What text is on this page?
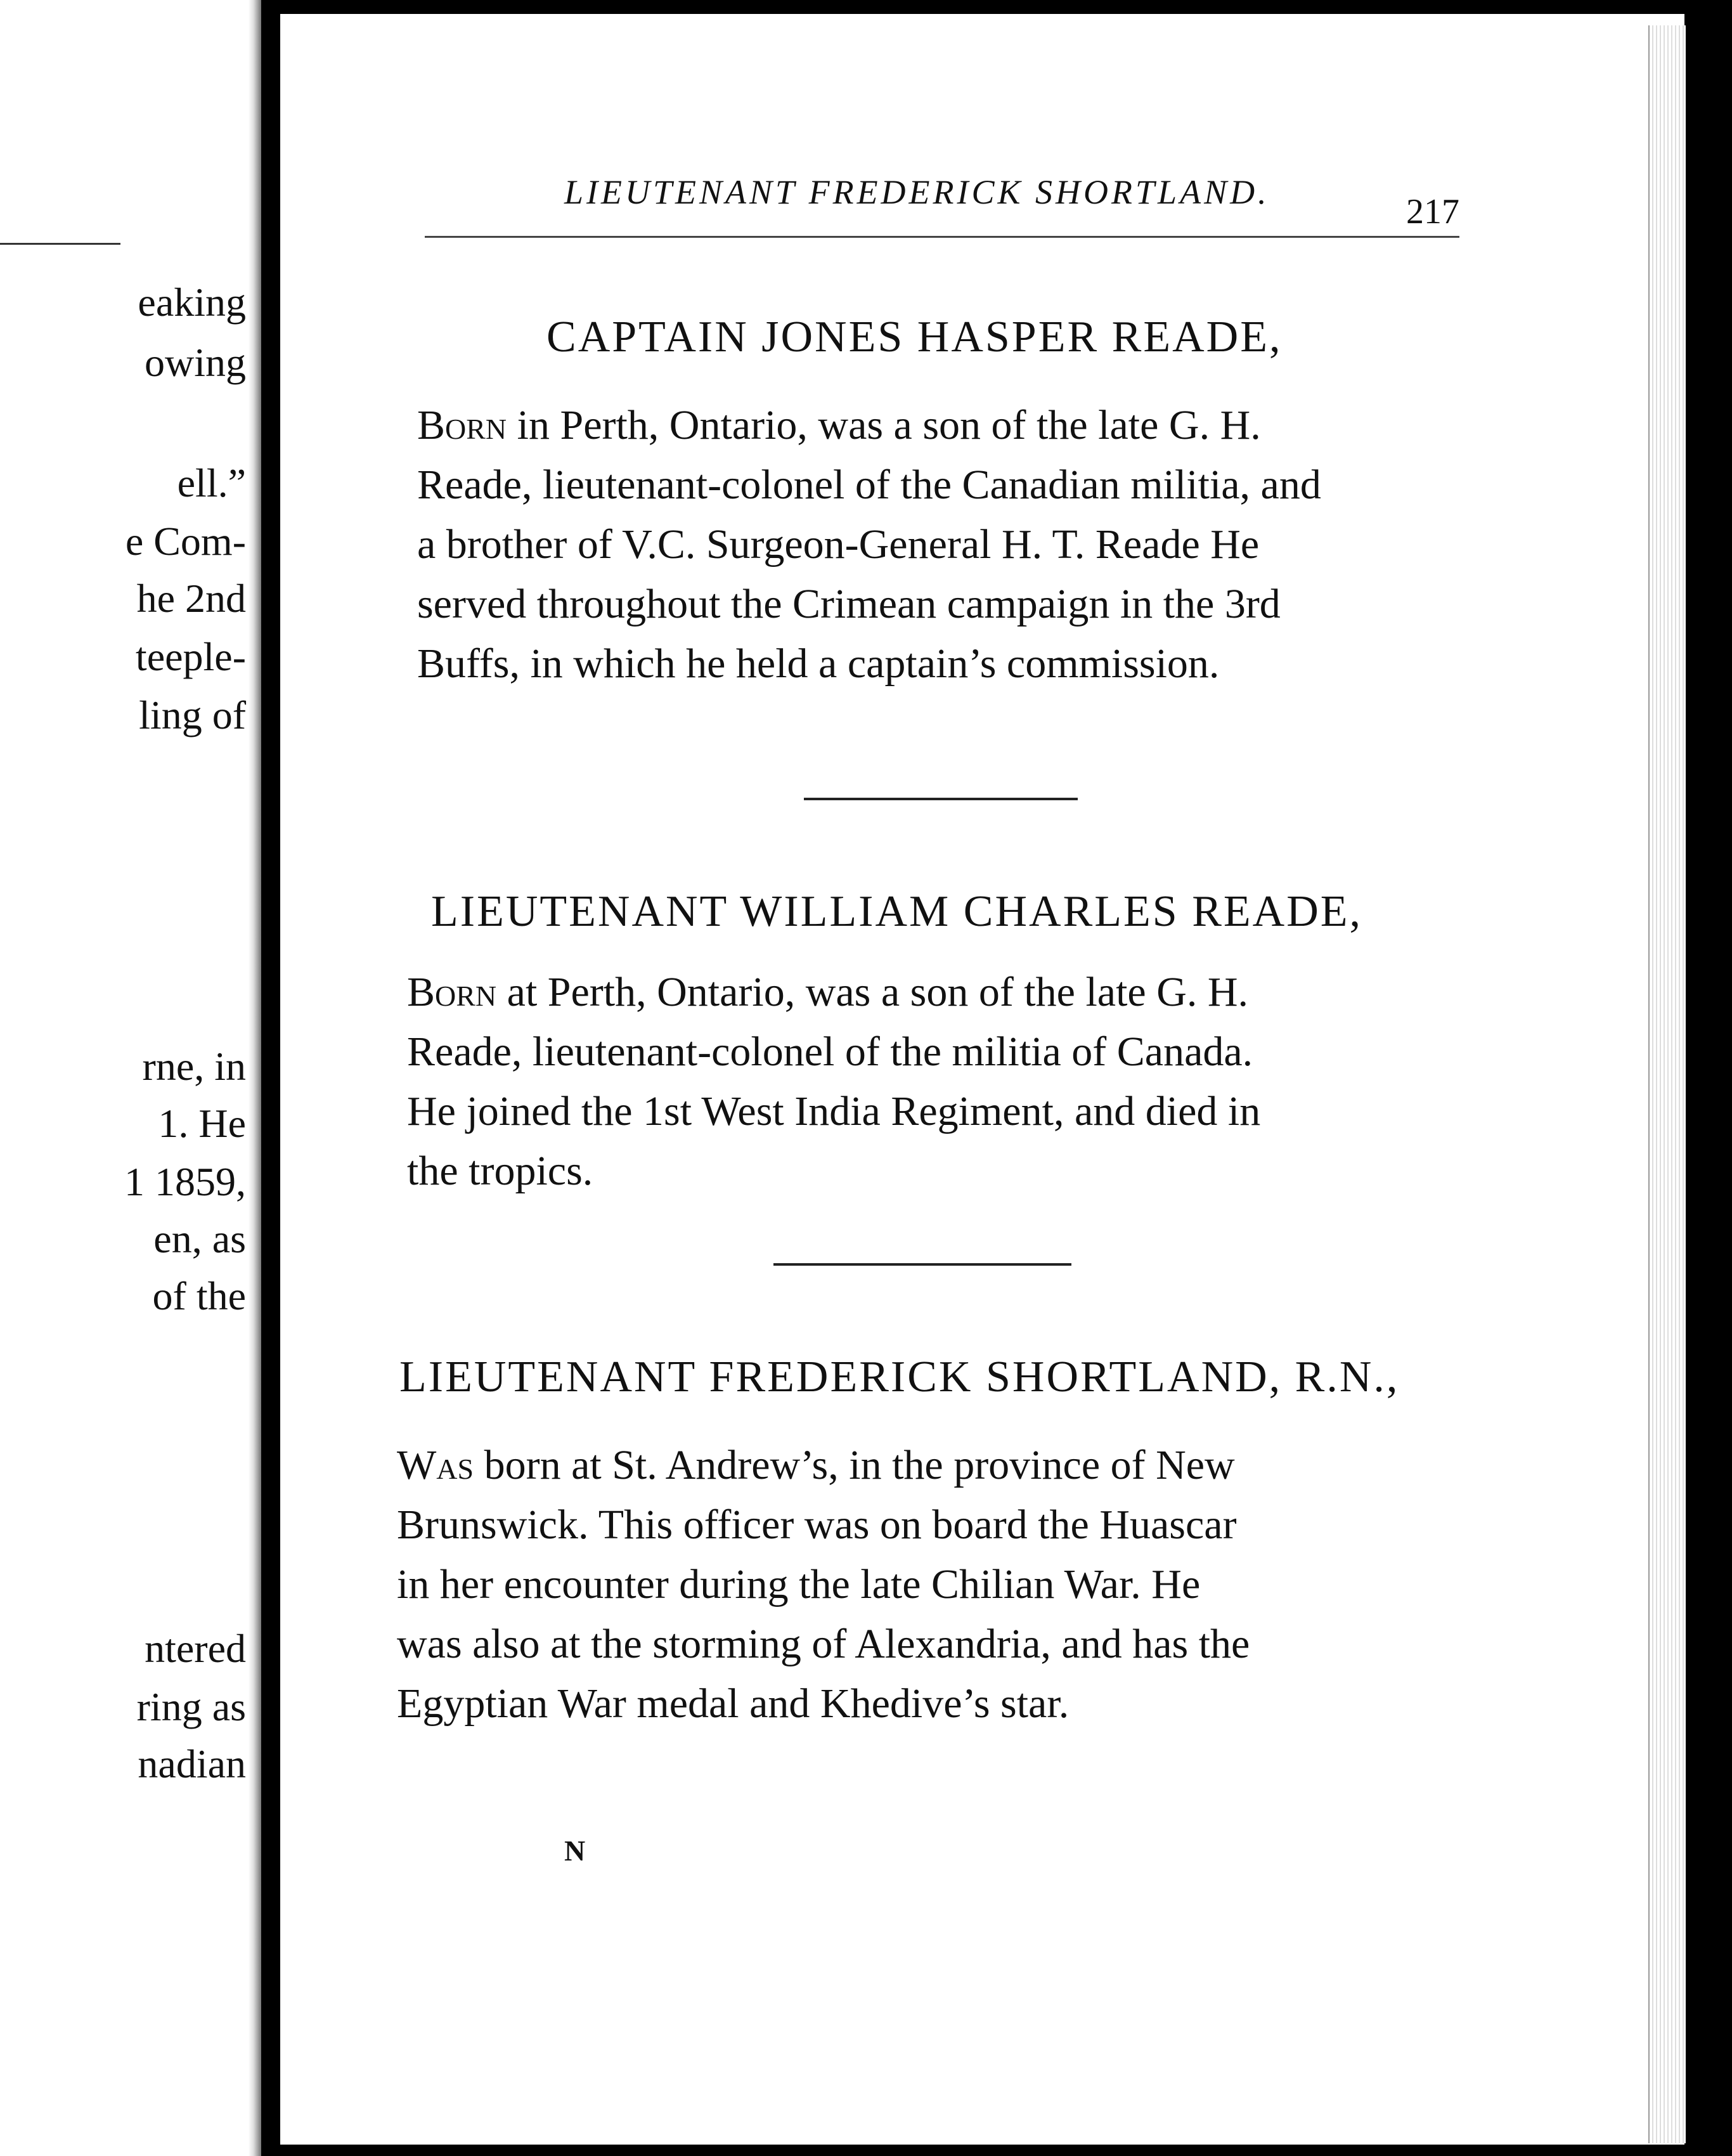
eaking
owing
ell.”
e Com-
he 2nd
teeple-
ling of
rne, in
1. He
1 1859,
en, as
of the
ntered
ring as
nadian
LIEUTENANT FREDERICK SHORTLAND.	217
CAPTAIN JONES HASPER READE,
Born in Perth, Ontario, was a son of the late G. H.
Reade, lieutenant-colonel of the Canadian militia, and
a brother of V.C. Surgeon-General H. T. Reade He
served throughout the Crimean campaign in the 3rd
Buffs, in which he held a captain’s commission.
LIEUTENANT WILLIAM CHARLES READE,
Born at Perth, Ontario, was a son of the late G. H.
Reade, lieutenant-colonel of the militia of Canada.
He joined the 1st West India Regiment, and died in
the tropics.
LIEUTENANT FREDERICK SHORTLAND, R.N.,
Was born at St. Andrew’s, in the province of New
Brunswick. This officer was on board the Huascar
in her encounter during the late Chilian War. He
was also at the storming of Alexandria, and has the
Egyptian War medal and Khedive’s star.
N
